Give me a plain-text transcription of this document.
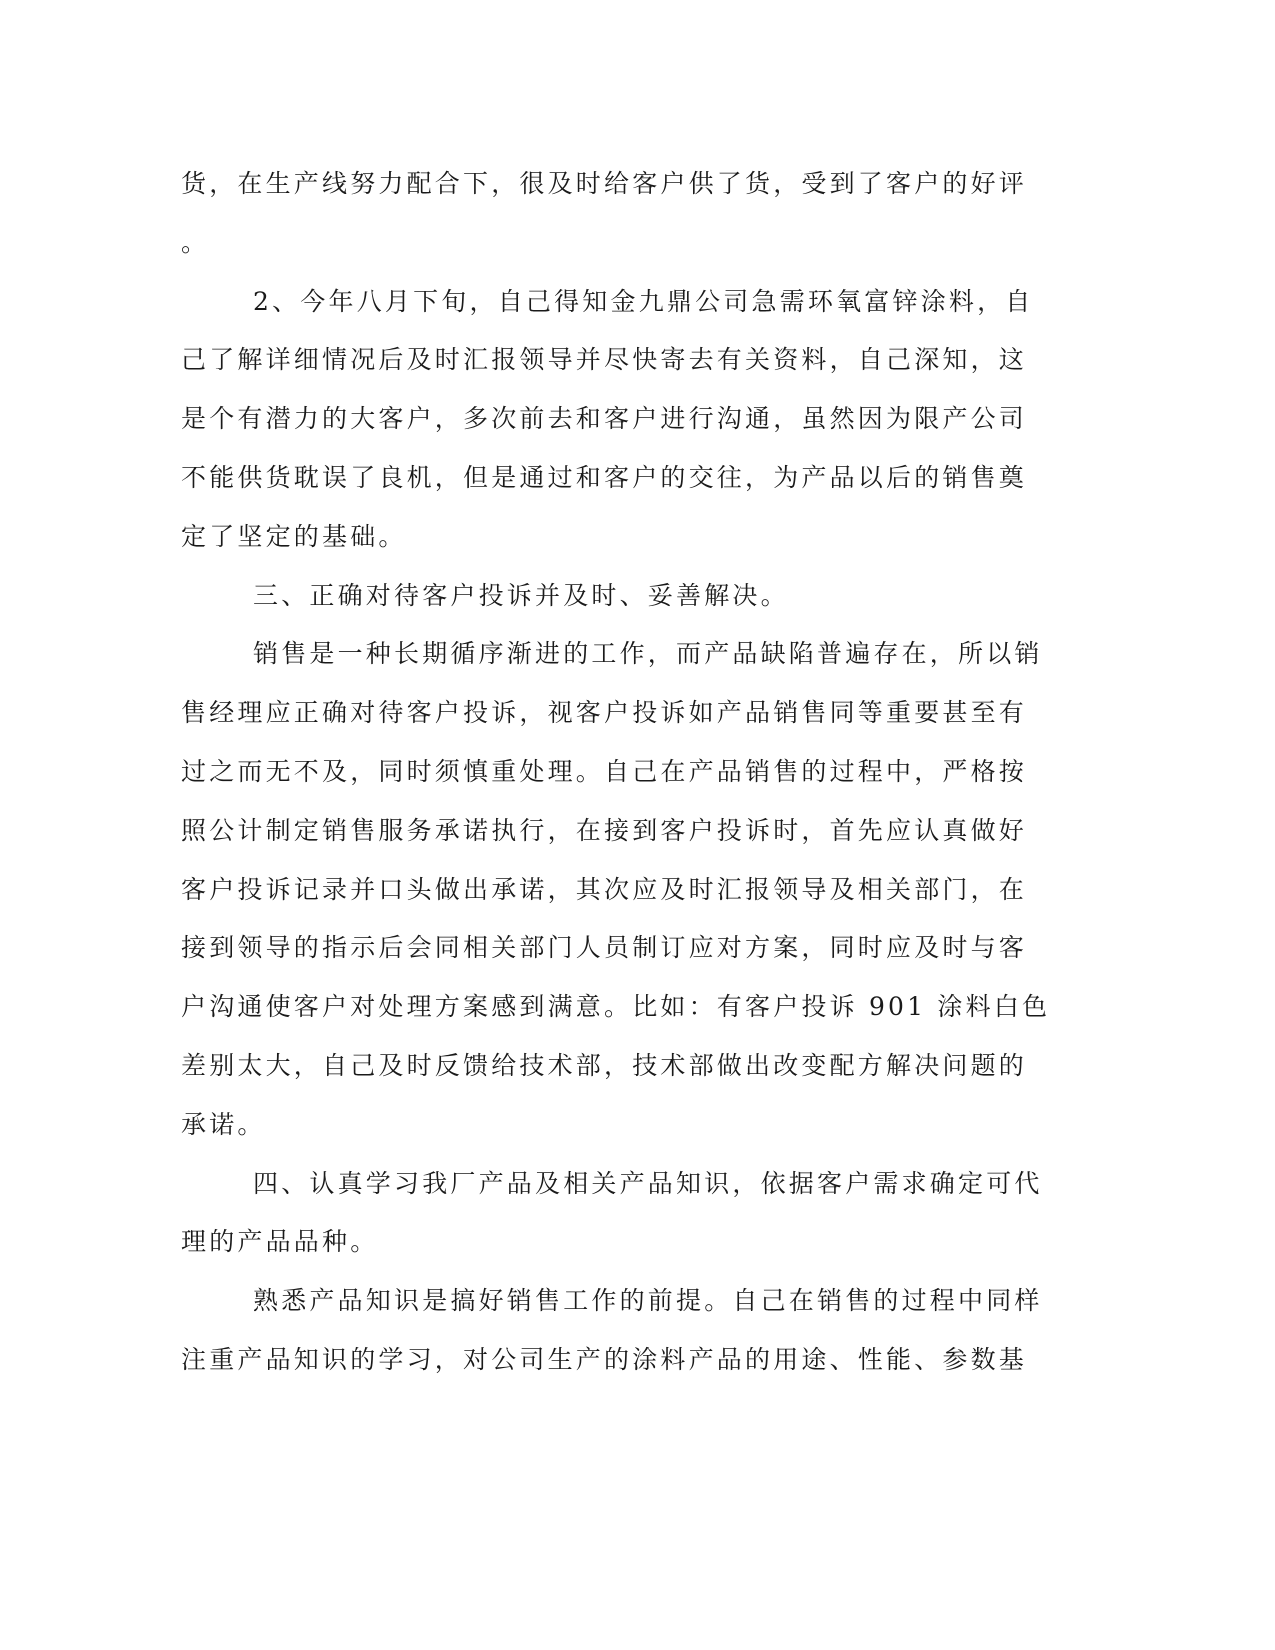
货，在生产线努力配合下，很及时给客户供了货，受到了客户的好评
。
2、今年八月下旬，自己得知金九鼎公司急需环氧富锌涂料，自
己了解详细情况后及时汇报领导并尽快寄去有关资料，自己深知，这
是个有潜力的大客户，多次前去和客户进行沟通，虽然因为限产公司
不能供货耽误了良机，但是通过和客户的交往，为产品以后的销售奠
定了坚定的基础。
三、正确对待客户投诉并及时、妥善解决。
销售是一种长期循序渐进的工作，而产品缺陷普遍存在，所以销
售经理应正确对待客户投诉，视客户投诉如产品销售同等重要甚至有
过之而无不及，同时须慎重处理。自己在产品销售的过程中，严格按
照公计制定销售服务承诺执行，在接到客户投诉时，首先应认真做好
客户投诉记录并口头做出承诺，其次应及时汇报领导及相关部门，在
接到领导的指示后会同相关部门人员制订应对方案，同时应及时与客
户沟通使客户对处理方案感到满意。比如：有客户投诉 901 涂料白色
差别太大，自己及时反馈给技术部，技术部做出改变配方解决问题的
承诺。
四、认真学习我厂产品及相关产品知识，依据客户需求确定可代
理的产品品种。
熟悉产品知识是搞好销售工作的前提。自己在销售的过程中同样
注重产品知识的学习，对公司生产的涂料产品的用途、性能、参数基
